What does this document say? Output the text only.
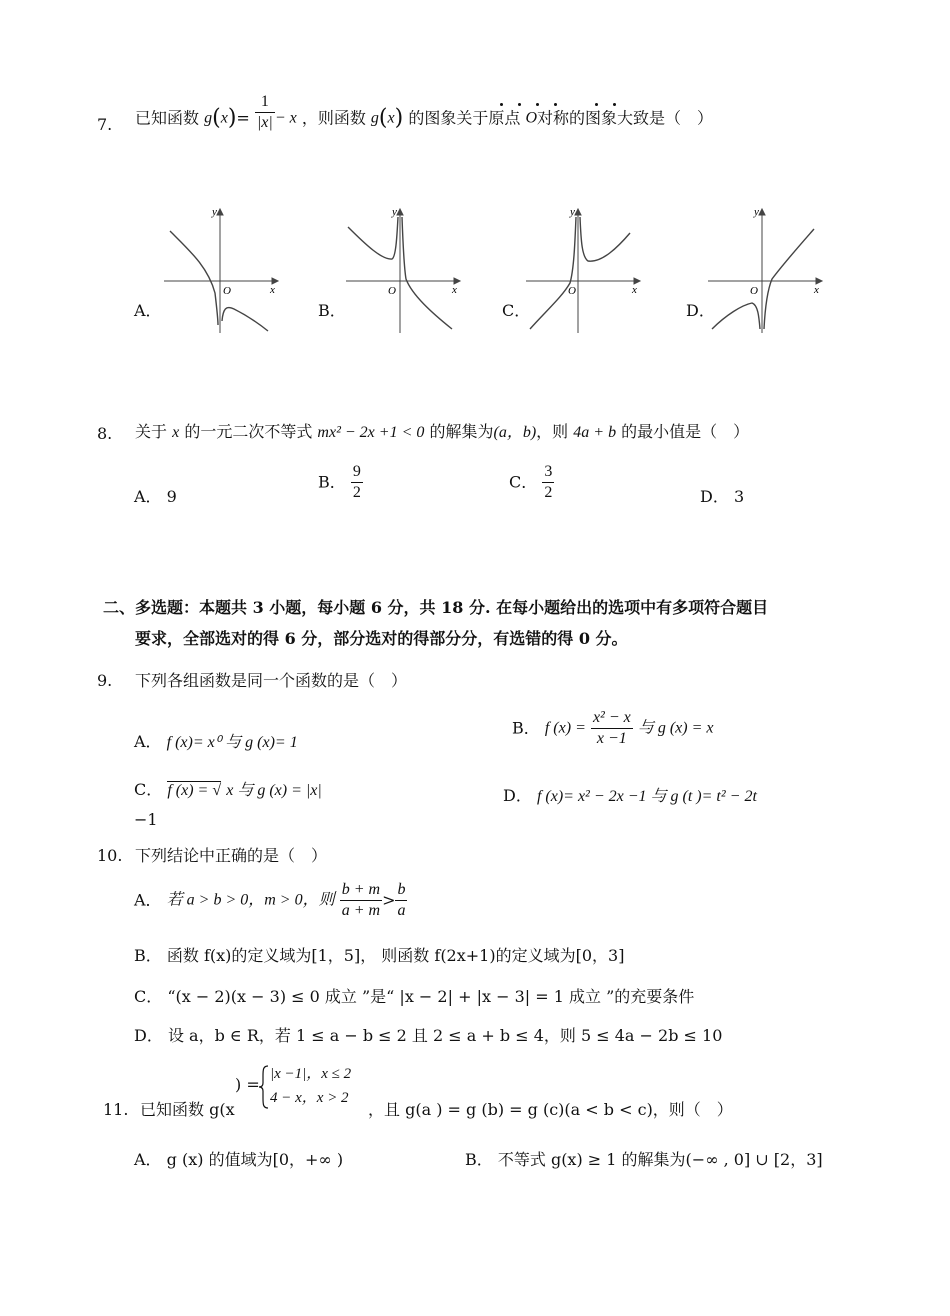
7. 已知函数 $g(x)= \frac{1}{|x|} - x$ ，则函数 g(x) 的图象关于原点 O对称的图象大致是（　）
A．	B．	C．	D．
y
x
O
y
x
O
y
x
O
y
x
O
8. 关于 x 的一元二次不等式 mx² − 2x +1 < 0 的解集为(a，b)，则 4a + b 的最小值是（　）
A． 9
B． $\frac{9}{2}$	C． $\frac{3}{2}$	D． 3
二、多选题：本题共 3 小题，每小题 6 分，共 18 分. 在每小题给出的选项中有多项符合题目
要求，全部选对的得 6 分，部分选对的得部分分，有选错的得 0 分。
9. 下列各组函数是同一个函数的是（　）
A． f (x)= x⁰ 与 g (x)= 1
B． f $(x) = \frac{\text{x² − x}}{x -1}$ 与 g (x) = x
C． f (x) = √ x 与 g (x) = |x|
−1
D． f (x)= x² − 2x −1 与 g (t )= t² − 2t
10. 下列结论中正确的是（　）
A． 若 a > b > 0，m > 0，则 $\frac{b + m}{a + m} > \frac{b}{a}$
B． 函数 f(x)的定义域为[1，5]， 则函数 f(2x+1)的定义域为[0，3]
C． “(x − 2)(x − 3) ≤ 0 成立 ”是“ |x − 2| + |x − 3| = 1 成立 ”的充要条件
D． 设 a，b ∈ R，若 1 ≤ a − b ≤ 2 且 2 ≤ a + b ≤ 4，则 5 ≤ 4a − 2b ≤ 10
11. 已知函数 g(x
) =
|x −1|，x ≤ 2
4 − x，x > 2
，且 g(a ) = g (b) = g (c)(a < b < c)，则（　）
A． g (x) 的值域为[0，+∞ )	B． 不等式 g(x) ≥ 1 的解集为(−∞ , 0] ∪ [2，3]
